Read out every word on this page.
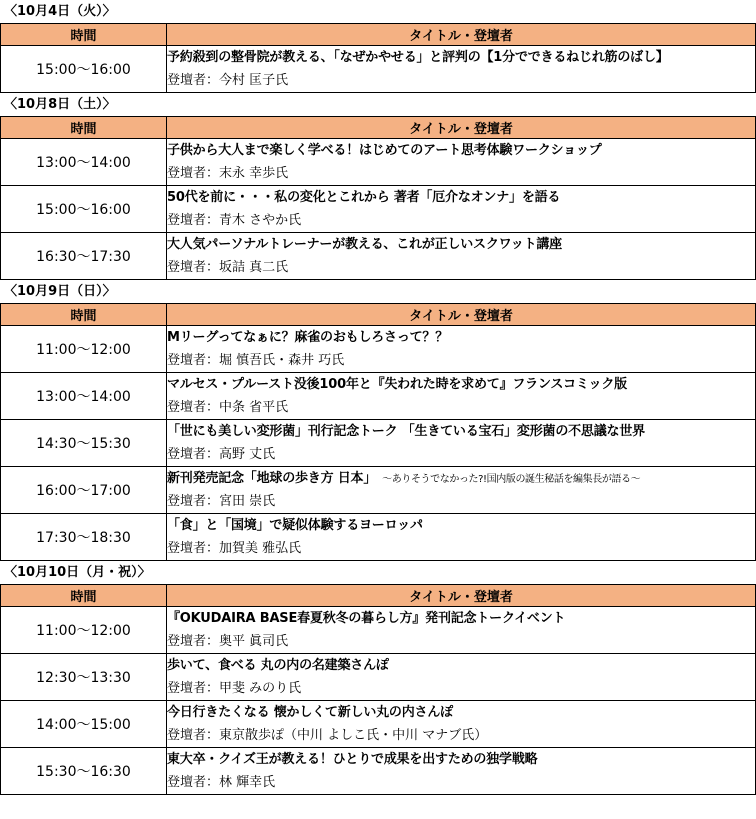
〈10月4日（火）〉
時間	タイトル・登壇者
15:00～16:00	予約殺到の整骨院が教える、「なぜかやせる」と評判の【1分でできるねじれ筋のばし】
登壇者：今村 匡子氏
〈10月8日（土）〉
時間	タイトル・登壇者
13:00～14:00	子供から大人まで楽しく学べる！はじめてのアート思考体験ワークショップ
登壇者：末永 幸歩氏

15:00～16:00	50代を前に・・・私の変化とこれから 著者「厄介なオンナ」を語る
登壇者：青木 さやか氏

16:30～17:30	大人気パーソナルトレーナーが教える、これが正しいスクワット講座
登壇者：坂詰 真二氏
〈10月9日（日）〉
時間	タイトル・登壇者
11:00～12:00	Mリーグってなぁに？麻雀のおもしろさって？？
登壇者：堀 慎吾氏・森井 巧氏

13:00～14:00	マルセス・プルースト没後100年と『失われた時を求めて』フランスコミック版
登壇者：中条 省平氏

14:30～15:30	「世にも美しい変形菌」刊行記念トーク 「生きている宝石」変形菌の不思議な世界
登壇者：高野 丈氏

16:00～17:00	新刊発売記念「地球の歩き方 日本」 ～ありそうでなかった?!国内版の誕生秘話を編集長が語る～
登壇者：宮田 崇氏

17:30～18:30	「食」と「国境」で疑似体験するヨーロッパ
登壇者：加賀美 雅弘氏
〈10月10日（月・祝）〉
時間	タイトル・登壇者
11:00～12:00	『OKUDAIRA BASE春夏秋冬の暮らし方』発刊記念トークイベント
登壇者：奥平 眞司氏

12:30～13:30	歩いて、食べる 丸の内の名建築さんぽ
登壇者：甲斐 みのり氏

14:00～15:00	今日行きたくなる 懐かしくて新しい丸の内さんぽ
登壇者：東京散歩ぽ（中川 よしこ氏・中川 マナブ氏）

15:30～16:30	東大卒・クイズ王が教える！ひとりで成果を出すための独学戦略
登壇者：林 輝幸氏
